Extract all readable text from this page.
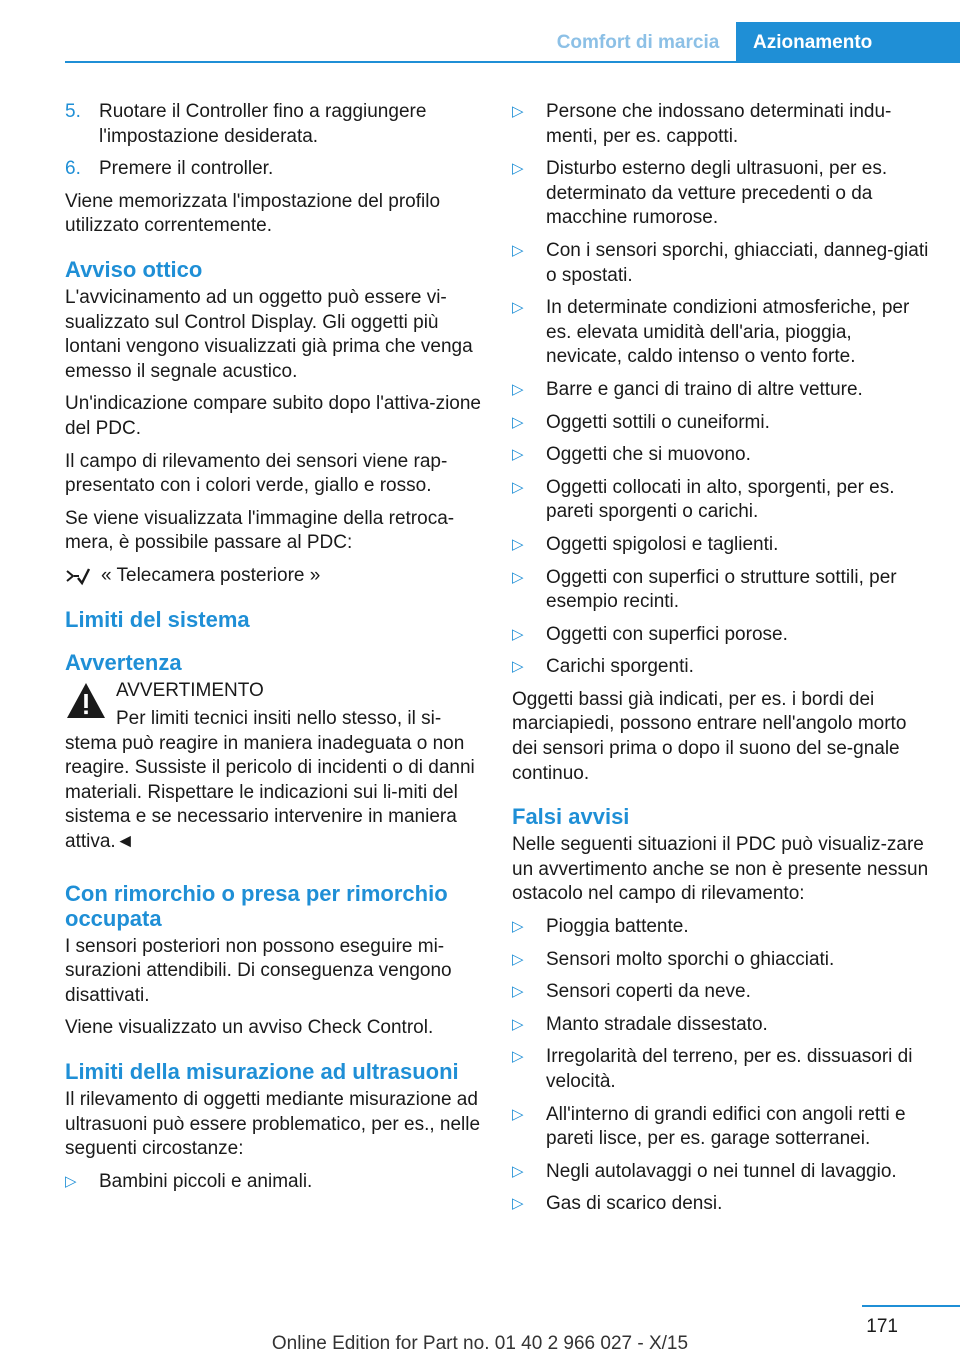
Comfort di marcia	Azionamento
5. Ruotare il Controller fino a raggiungere l'impostazione desiderata.
6. Premere il controller.

Viene memorizzata l'impostazione del profilo utilizzato correntemente.

Avviso ottico

L'avvicinamento ad un oggetto può essere vi-sualizzato sul Control Display. Gli oggetti più lontani vengono visualizzati già prima che venga emesso il segnale acustico.

Un'indicazione compare subito dopo l'attiva-zione del PDC.

Il campo di rilevamento dei sensori viene rap-presentato con i colori verde, giallo e rosso.

Se viene visualizzata l'immagine della retroca-mera, è possibile passare al PDC:

« Telecamera posteriore »
Limiti del sistema
Avvertenza
AVVERTIMENTO
Per limiti tecnici insiti nello stesso, il si-stema può reagire in maniera inadeguata o non reagire. Sussiste il pericolo di incidenti o di danni materiali. Rispettare le indicazioni sui li-miti del sistema e se necessario intervenire in maniera attiva.◄
Con rimorchio o presa per rimorchio occupata

I sensori posteriori non possono eseguire mi-surazioni attendibili. Di conseguenza vengono disattivati.

Viene visualizzato un avviso Check Control.

Limiti della misurazione ad ultrasuoni

Il rilevamento di oggetti mediante misurazione ad ultrasuoni può essere problematico, per es., nelle seguenti circostanze:

▷	Bambini piccoli e animali.
▷	Persone che indossano determinati indu-menti, per es. cappotti.
▷	Disturbo esterno degli ultrasuoni, per es. determinato da vetture precedenti o da macchine rumorose.
▷	Con i sensori sporchi, ghiacciati, danneg-giati o spostati.
▷	In determinate condizioni atmosferiche, per es. elevata umidità dell'aria, pioggia, nevicate, caldo intenso o vento forte.
▷	Barre e ganci di traino di altre vetture.
▷	Oggetti sottili o cuneiformi.
▷	Oggetti che si muovono.
▷	Oggetti collocati in alto, sporgenti, per es. pareti sporgenti o carichi.
▷	Oggetti spigolosi e taglienti.
▷	Oggetti con superfici o strutture sottili, per esempio recinti.
▷	Oggetti con superfici porose.
▷	Carichi sporgenti.

Oggetti bassi già indicati, per es. i bordi dei marciapiedi, possono entrare nell'angolo morto dei sensori prima o dopo il suono del se-gnale continuo.

Falsi avvisi

Nelle seguenti situazioni il PDC può visualiz-zare un avvertimento anche se non è presente nessun ostacolo nel campo di rilevamento:

▷	Pioggia battente.
▷	Sensori molto sporchi o ghiacciati.
▷	Sensori coperti da neve.
▷	Manto stradale dissestato.
▷	Irregolarità del terreno, per es. dissuasori di velocità.
▷	All'interno di grandi edifici con angoli retti e pareti lisce, per es. garage sotterranei.
▷	Negli autolavaggi o nei tunnel di lavaggio.
▷	Gas di scarico densi.
171
Online Edition for Part no. 01 40 2 966 027 - X/15
